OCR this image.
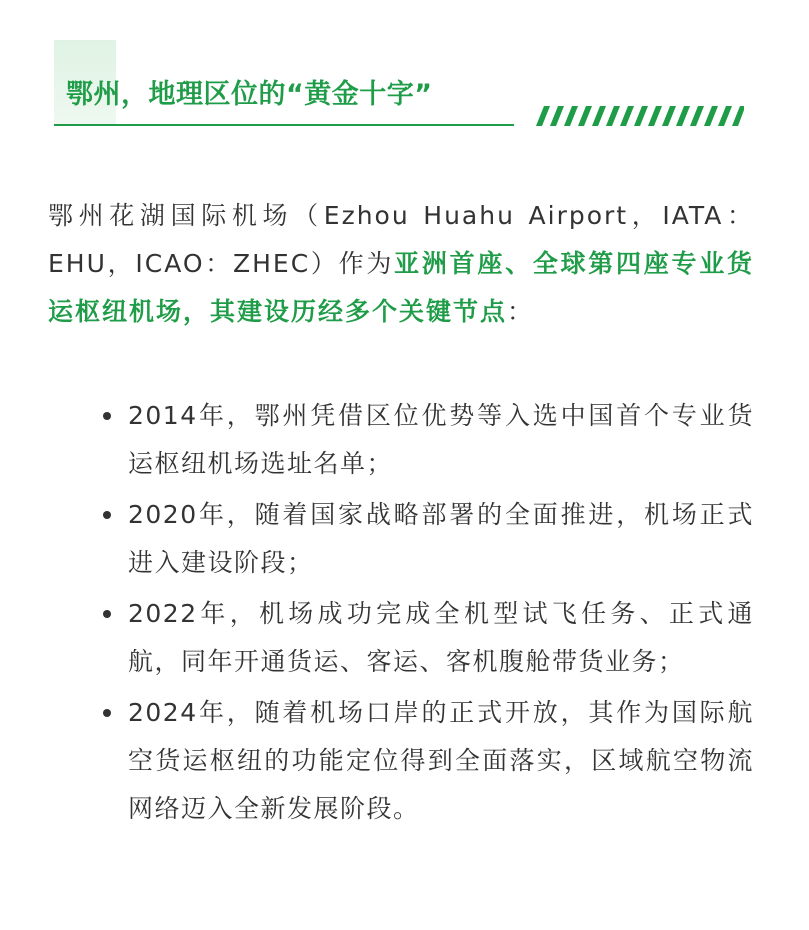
鄂州，地理区位的“黄金十字”
鄂州花湖国际机场（Ezhou Huahu Airport，IATA：EHU，ICAO：ZHEC）作为亚洲首座、全球第四座专业货运枢纽机场，其建设历经多个关键节点：
2014年，鄂州凭借区位优势等入选中国首个专业货运枢纽机场选址名单；
2020年，随着国家战略部署的全面推进，机场正式进入建设阶段；
2022年，机场成功完成全机型试飞任务、正式通航，同年开通货运、客运、客机腹舱带货业务；
2024年，随着机场口岸的正式开放，其作为国际航空货运枢纽的功能定位得到全面落实，区域航空物流网络迈入全新发展阶段。
